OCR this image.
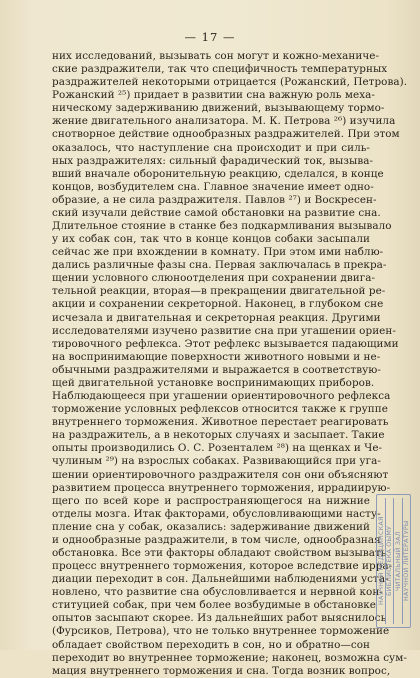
— 17 —
них исследований, вызывать сон могут и кожно-механиче-
ские раздражители, так что специфичность температурных
раздражителей некоторыми отрицается (Рожанский, Петрова).
Рожанский ²⁵) придает в развитии сна важную роль меха-
ническому задерживанию движений, вызывающему тормо-
жение двигательного анализатора. М. К. Петрова ²⁶) изучила
снотворное действие однообразных раздражителей. При этом
оказалось, что наступление сна происходит и при силь-
ных раздражителях: сильный фарадический ток, вызыва-
вший вначале оборонительную реакцию, сделался, в конце
концов, возбудителем сна. Главное значение имеет одно-
образие, а не сила раздражителя. Павлов ²⁷) и Воскресен-
ский изучали действие самой обстановки на развитие сна.
Длительное стояние в станке без подкармливания вызывало
у их собак сон, так что в конце концов собаки засыпали
сейчас же при вхождении в комнату. При этом ими наблю-
дались различные фазы сна. Первая заключалась в прекра-
щении условного слюноотделения при сохранении двига-
тельной реакции, вторая—в прекращении двигательной ре-
акции и сохранении секреторной. Наконец, в глубоком сне
исчезала и двигательная и секреторная реакция. Другими
исследователями изучено развитие сна при угашении ориен-
тировочного рефлекса. Этот рефлекс вызывается падающими
на воспринимающие поверхности животного новыми и не-
обычными раздражителями и выражается в соответствую-
щей двигательной установке воспринимающих приборов.
Наблюдающееся при угашении ориентировочного рефлекса
торможение условных рефлексов относится также к группе
внутреннего торможения. Животное перестает реагировать
на раздражитель, а в некоторых случаях и засыпает. Такие
опыты производились О. С. Розенталем ²⁸) на щенках и Че-
чулиным ²⁹) на взрослых собаках. Развивающийся при уга-
шении ориентировочного раздражителя сон они объясняют
развитием процесса внутреннего торможения, иррадиирую-
щего по всей коре и распространяющегося на нижние
отделы мозга. Итак факторами, обусловливающими насту-
пление сна у собак, оказались: задерживание движений
и однообразные раздражители, в том числе, однообразная
обстановка. Все эти факторы обладают свойством вызывать
процесс внутреннего торможения, которое вследствие ирра-
диации переходит в сон. Дальнейшими наблюдениями уста-
новлено, что развитие сна обусловливается и нервной кон-
ституцией собак, при чем более возбудимые в обстановке
опытов засыпают скорее. Из дальнейших работ выяснилось
(Фурсиков, Петрова), что не только внутреннее торможение
обладает свойством переходить в сон, но и обратно—сон
переходит во внутреннее торможение; наконец, возможна сум-
мация внутреннего торможения и сна. Тогда возник вопрос,
НАУЧНАЯ МЕДИЦИНСКАЯ БИБЛИОТЕКА ОЫМУ ЧИТАЛЬНЫЙ ЗАЛ НАУЧНОЙ ЛИТЕРАТУРЫ
